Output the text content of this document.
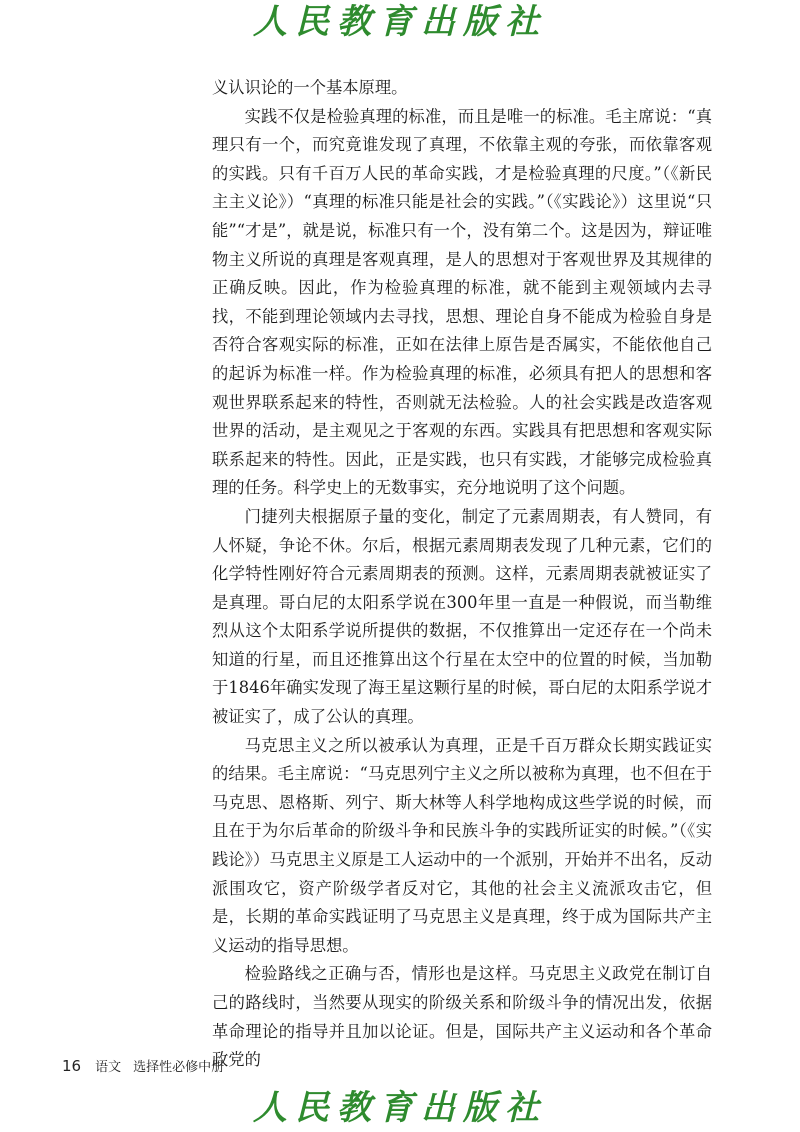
人民教育出版社

义认识论的一个基本原理。

实践不仅是检验真理的标准，而且是唯一的标准。毛主席说：“真理只有一个，而究竟谁发现了真理，不依靠主观的夸张，而依靠客观的实践。只有千百万人民的革命实践，才是检验真理的尺度。”（《新民主主义论》）“真理的标准只能是社会的实践。”（《实践论》）这里说“只能”“才是”，就是说，标准只有一个，没有第二个。这是因为，辩证唯物主义所说的真理是客观真理，是人的思想对于客观世界及其规律的正确反映。因此，作为检验真理的标准，就不能到主观领域内去寻找，不能到理论领域内去寻找，思想、理论自身不能成为检验自身是否符合客观实际的标准，正如在法律上原告是否属实，不能依他自己的起诉为标准一样。作为检验真理的标准，必须具有把人的思想和客观世界联系起来的特性，否则就无法检验。人的社会实践是改造客观世界的活动，是主观见之于客观的东西。实践具有把思想和客观实际联系起来的特性。因此，正是实践，也只有实践，才能够完成检验真理的任务。科学史上的无数事实，充分地说明了这个问题。

门捷列夫根据原子量的变化，制定了元素周期表，有人赞同，有人怀疑，争论不休。尔后，根据元素周期表发现了几种元素，它们的化学特性刚好符合元素周期表的预测。这样，元素周期表就被证实了是真理。哥白尼的太阳系学说在300年里一直是一种假说，而当勒维烈从这个太阳系学说所提供的数据，不仅推算出一定还存在一个尚未知道的行星，而且还推算出这个行星在太空中的位置的时候，当加勒于1846年确实发现了海王星这颗行星的时候，哥白尼的太阳系学说才被证实了，成了公认的真理。

马克思主义之所以被承认为真理，正是千百万群众长期实践证实的结果。毛主席说：“马克思列宁主义之所以被称为真理，也不但在于马克思、恩格斯、列宁、斯大林等人科学地构成这些学说的时候，而且在于为尔后革命的阶级斗争和民族斗争的实践所证实的时候。”（《实践论》）马克思主义原是工人运动中的一个派别，开始并不出名，反动派围攻它，资产阶级学者反对它，其他的社会主义流派攻击它，但是，长期的革命实践证明了马克思主义是真理，终于成为国际共产主义运动的指导思想。

检验路线之正确与否，情形也是这样。马克思主义政党在制订自己的路线时，当然要从现实的阶级关系和阶级斗争的情况出发，依据革命理论的指导并且加以论证。但是，国际共产主义运动和各个革命政党的

16 语文 选择性必修中册
人民教育出版社
